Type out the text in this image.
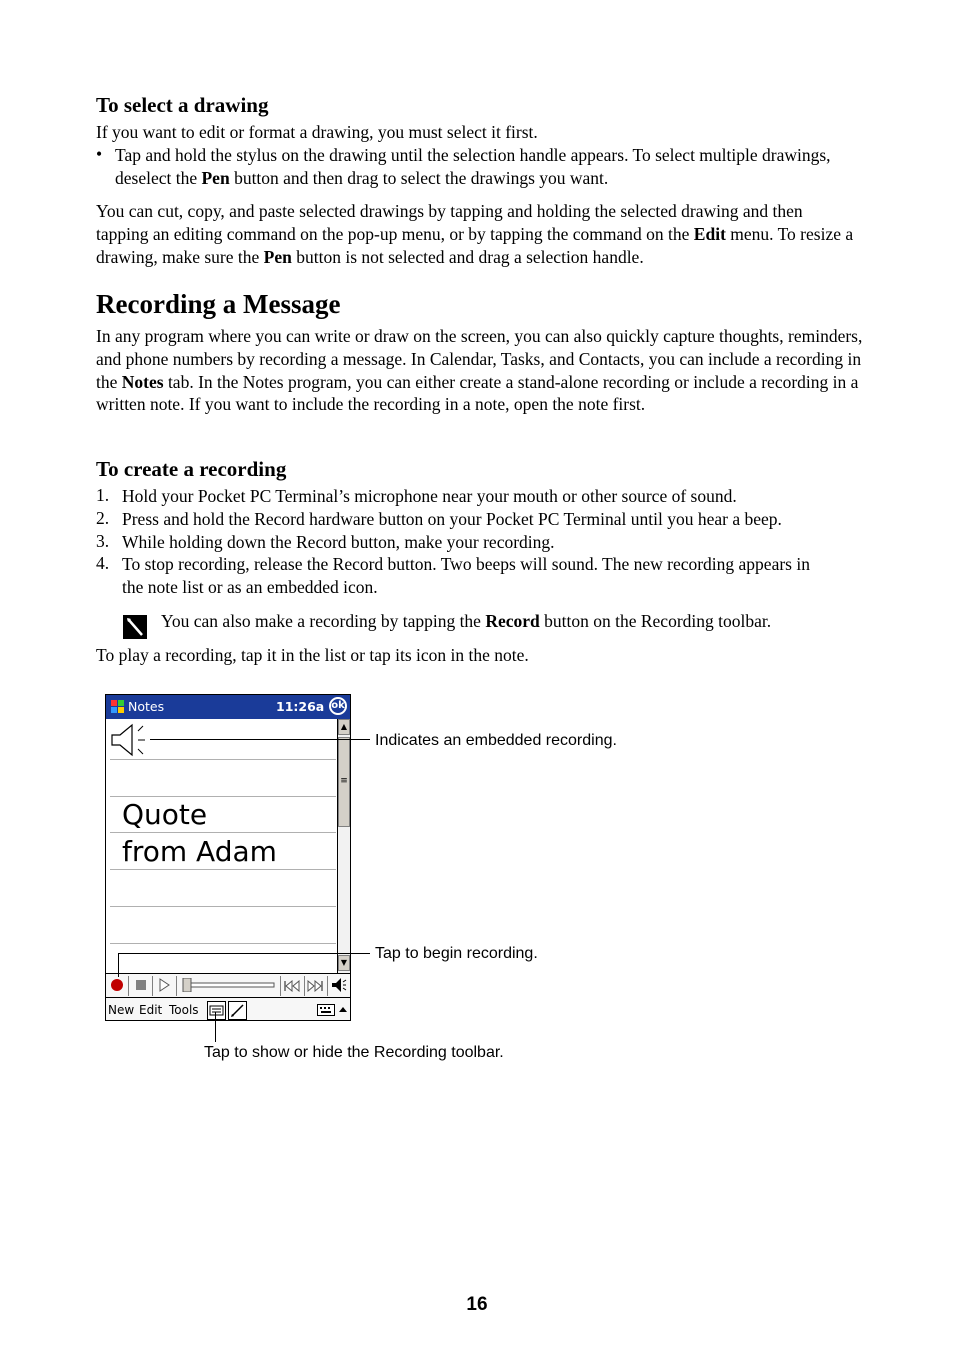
To select a drawing
If you want to edit or format a drawing, you must select it first.
• Tap and hold the stylus on the drawing until the selection handle appears. To select multiple drawings, deselect the Pen button and then drag to select the drawings you want.
You can cut, copy, and paste selected drawings by tapping and holding the selected drawing and then tapping an editing command on the pop-up menu, or by tapping the command on the Edit menu. To resize a drawing, make sure the Pen button is not selected and drag a selection handle.
Recording a Message
In any program where you can write or draw on the screen, you can also quickly capture thoughts, reminders, and phone numbers by recording a message. In Calendar, Tasks, and Contacts, you can include a recording in the Notes tab. In the Notes program, you can either create a stand-alone recording or include a recording in a written note. If you want to include the recording in a note, open the note first.
To create a recording
1. Hold your Pocket PC Terminal’s microphone near your mouth or other source of sound.
2. Press and hold the Record hardware button on your Pocket PC Terminal until you hear a beep.
3. While holding down the Record button, make your recording.
4. To stop recording, release the Record button. Two beeps will sound. The new recording appears in the note list or as an embedded icon.
You can also make a recording by tapping the Record button on the Recording toolbar.
To play a recording, tap it in the list or tap its icon in the note.
Notes	11:26a ok
Quote
from Adam
▲
≡
▼
New Edit Tools
Indicates an embedded recording.
Tap to begin recording.
Tap to show or hide the Recording toolbar.
16
